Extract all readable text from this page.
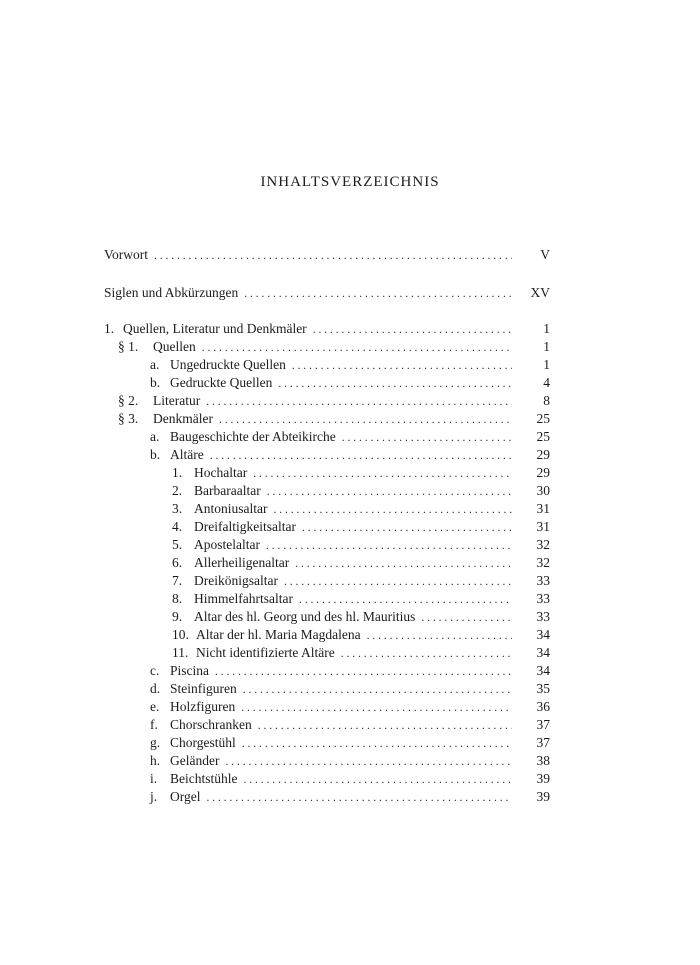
INHALTSVERZEICHNIS
Vorwort . . .	V
Siglen und Abkürzungen . . .	XV
1. Quellen, Literatur und Denkmäler . . .	1
§ 1.	Quellen . . .	1
a. Ungedruckte Quellen . . .	1
b. Gedruckte Quellen . . .	4
§ 2.	Literatur . . .	8
§ 3.	Denkmäler . . .	25
a. Baugeschichte der Abteikirche . . .	25
b. Altäre . . .	29
1. Hochaltar . . .	29
2. Barbaraaltar . . .	30
3. Antoniusaltar . . .	31
4. Dreifaltigkeitsaltar . . .	31
5. Apostelaltar . . .	32
6. Allerheiligenaltar . . .	32
7. Dreikönigsaltar . . .	33
8. Himmelfahrtsaltar . . .	33
9. Altar des hl. Georg und des hl. Mauritius . . .	33
10. Altar der hl. Maria Magdalena . . .	34
11. Nicht identifizierte Altäre . . .	34
c. Piscina . . .	34
d. Steinfiguren . . .	35
e. Holzfiguren . . .	36
f. Chorschranken . . .	37
g. Chorgestühl . . .	37
h. Geländer . . .	38
i. Beichtstühle . . .	39
j. Orgel . . .	39
